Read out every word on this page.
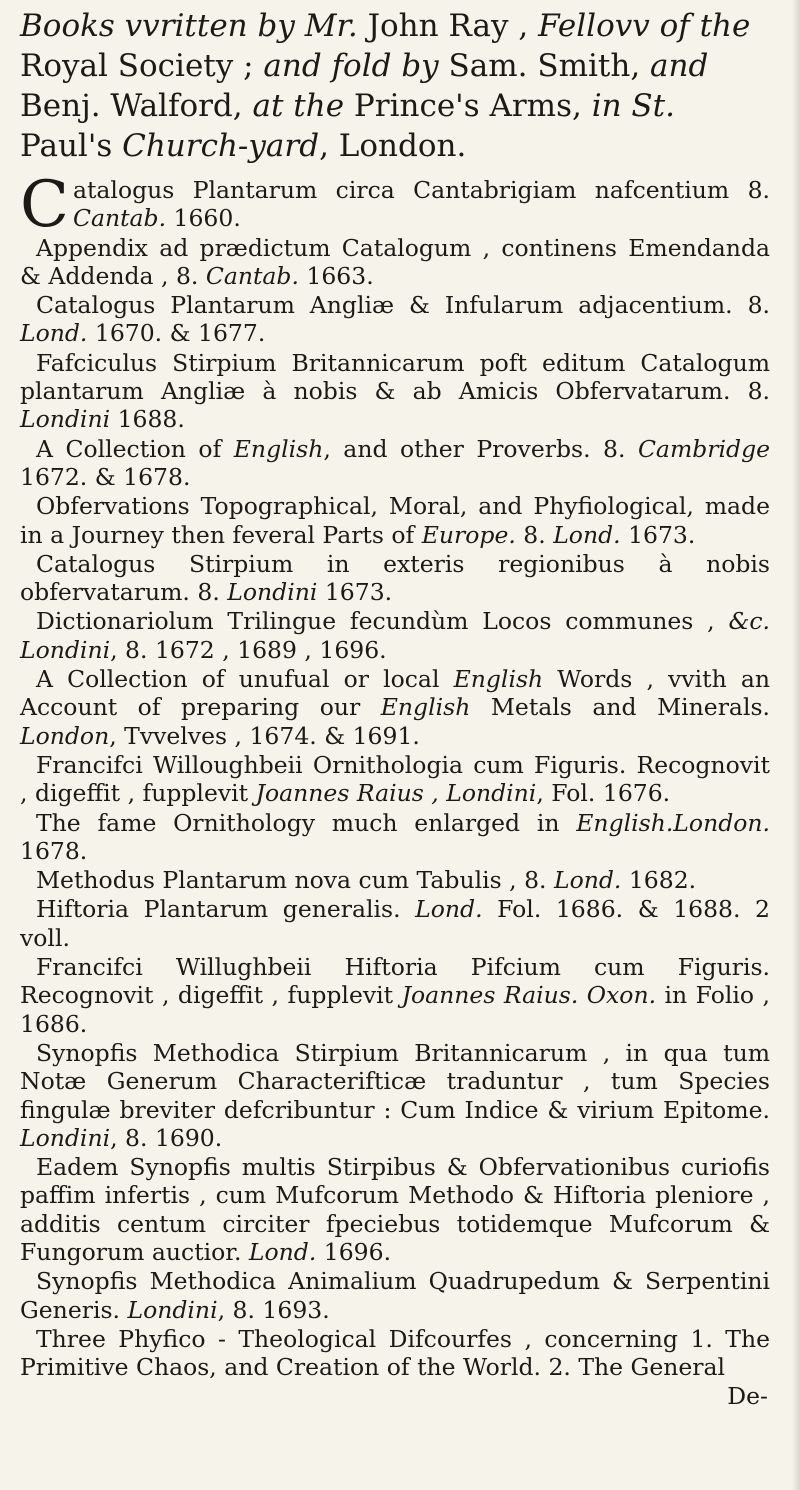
Books vvritten by Mr. John Ray , Fellovv of the Royal Society ; and fold by Sam. Smith, and Benj. Walford, at the Prince's Arms, in St. Paul's Church-yard, London.

Catalogus Plantarum circa Cantabrigiam nafcentium 8. Cantab. 1660.

Appendix ad prædictum Catalogum , continens Emendanda & Addenda , 8. Cantab. 1663.

Catalogus Plantarum Angliæ & Infularum adjacentium. 8. Lond. 1670. & 1677.

Fafciculus Stirpium Britannicarum poft editum Catalogum plantarum Angliæ à nobis & ab Amicis Obfervatarum. 8. Londini 1688.

A Collection of English, and other Proverbs. 8. Cambridge 1672. & 1678.

Obfervations Topographical, Moral, and Phyfiological, made in a Journey then feveral Parts of Europe. 8. Lond. 1673.

Catalogus Stirpium in exteris regionibus à nobis obfervatarum. 8. Londini 1673.

Dictionariolum Trilingue fecundùm Locos communes , &c. Londini, 8. 1672 , 1689 , 1696.

A Collection of unufual or local English Words , vvith an Account of preparing our English Metals and Minerals. London, Tvvelves , 1674. & 1691.

Francifci Willoughbeii Ornithologia cum Figuris. Recognovit , digeffit , fupplevit Joannes Raius , Londini, Fol. 1676.

The fame Ornithology much enlarged in English.London. 1678.

Methodus Plantarum nova cum Tabulis , 8. Lond. 1682.

Hiftoria Plantarum generalis. Lond. Fol. 1686. & 1688. 2 voll.

Francifci Willughbeii Hiftoria Pifcium cum Figuris. Recognovit , digeffit , fupplevit Joannes Raius. Oxon. in Folio , 1686.

Synopfis Methodica Stirpium Britannicarum , in qua tum Notæ Generum Characterifticæ traduntur , tum Species fingulæ breviter defcribuntur : Cum Indice & virium Epitome. Londini, 8. 1690.

Eadem Synopfis multis Stirpibus & Obfervationibus curiofis paffim infertis , cum Mufcorum Methodo & Hiftoria pleniore , additis centum circiter fpeciebus totidemque Mufcorum & Fungorum auctior. Lond. 1696.

Synopfis Methodica Animalium Quadrupedum & Serpentini Generis. Londini, 8. 1693.

Three Phyfico - Theological Difcourfes , concerning 1. The Primitive Chaos, and Creation of the World. 2. The General

De-
